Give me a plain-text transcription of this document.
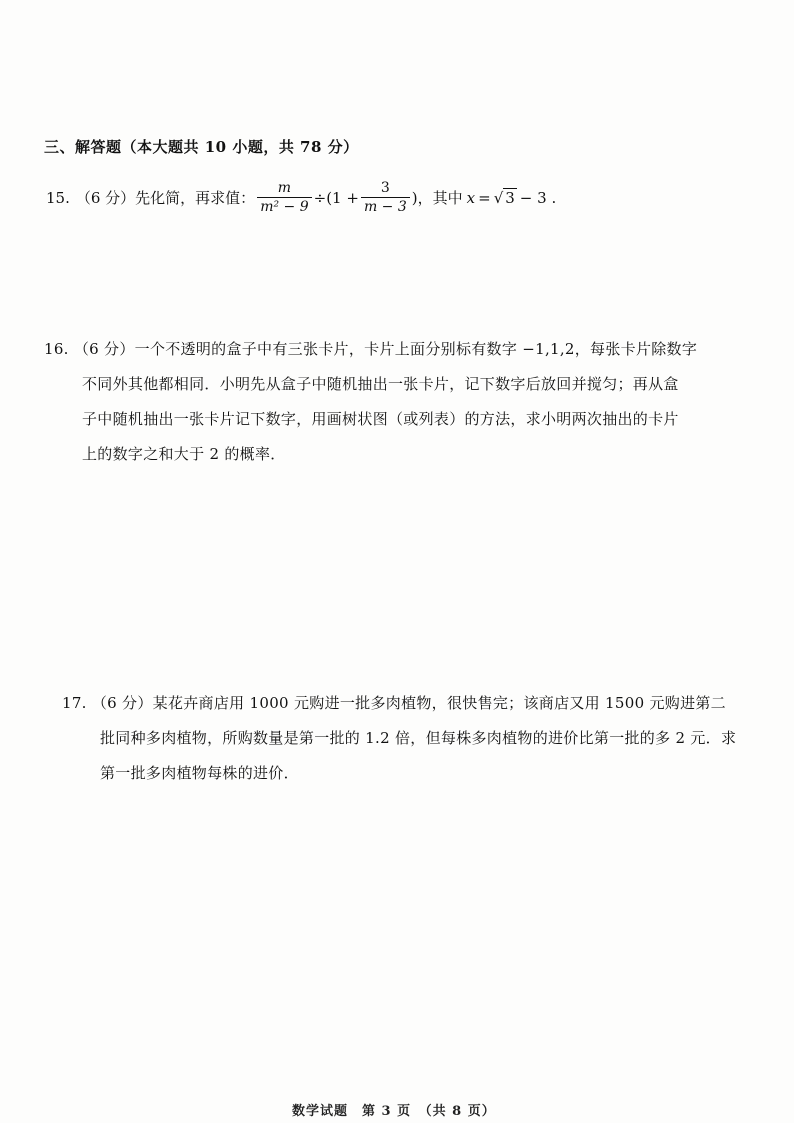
三、解答题（本大题共 10 小题，共 78 分）
15. （6 分）先化简，再求值： $\frac{m}{\text{m² − 9}} \div(1 + \frac{3}{m - 3}$ ) ，其中 x = √ 3 − 3 .
16. （6 分）一个不透明的盒子中有三张卡片，卡片上面分别标有数字 −1,1,2，每张卡片除数字
不同外其他都相同．小明先从盒子中随机抽出一张卡片，记下数字后放回并搅匀；再从盒
子中随机抽出一张卡片记下数字，用画树状图（或列表）的方法，求小明两次抽出的卡片
上的数字之和大于 2 的概率．
17. （6 分）某花卉商店用 1000 元购进一批多肉植物，很快售完；该商店又用 1500 元购进第二
批同种多肉植物，所购数量是第一批的 1.2 倍，但每株多肉植物的进价比第一批的多 2 元．求
第一批多肉植物每株的进价．
数学试题　第 3 页　（共 8 页）
